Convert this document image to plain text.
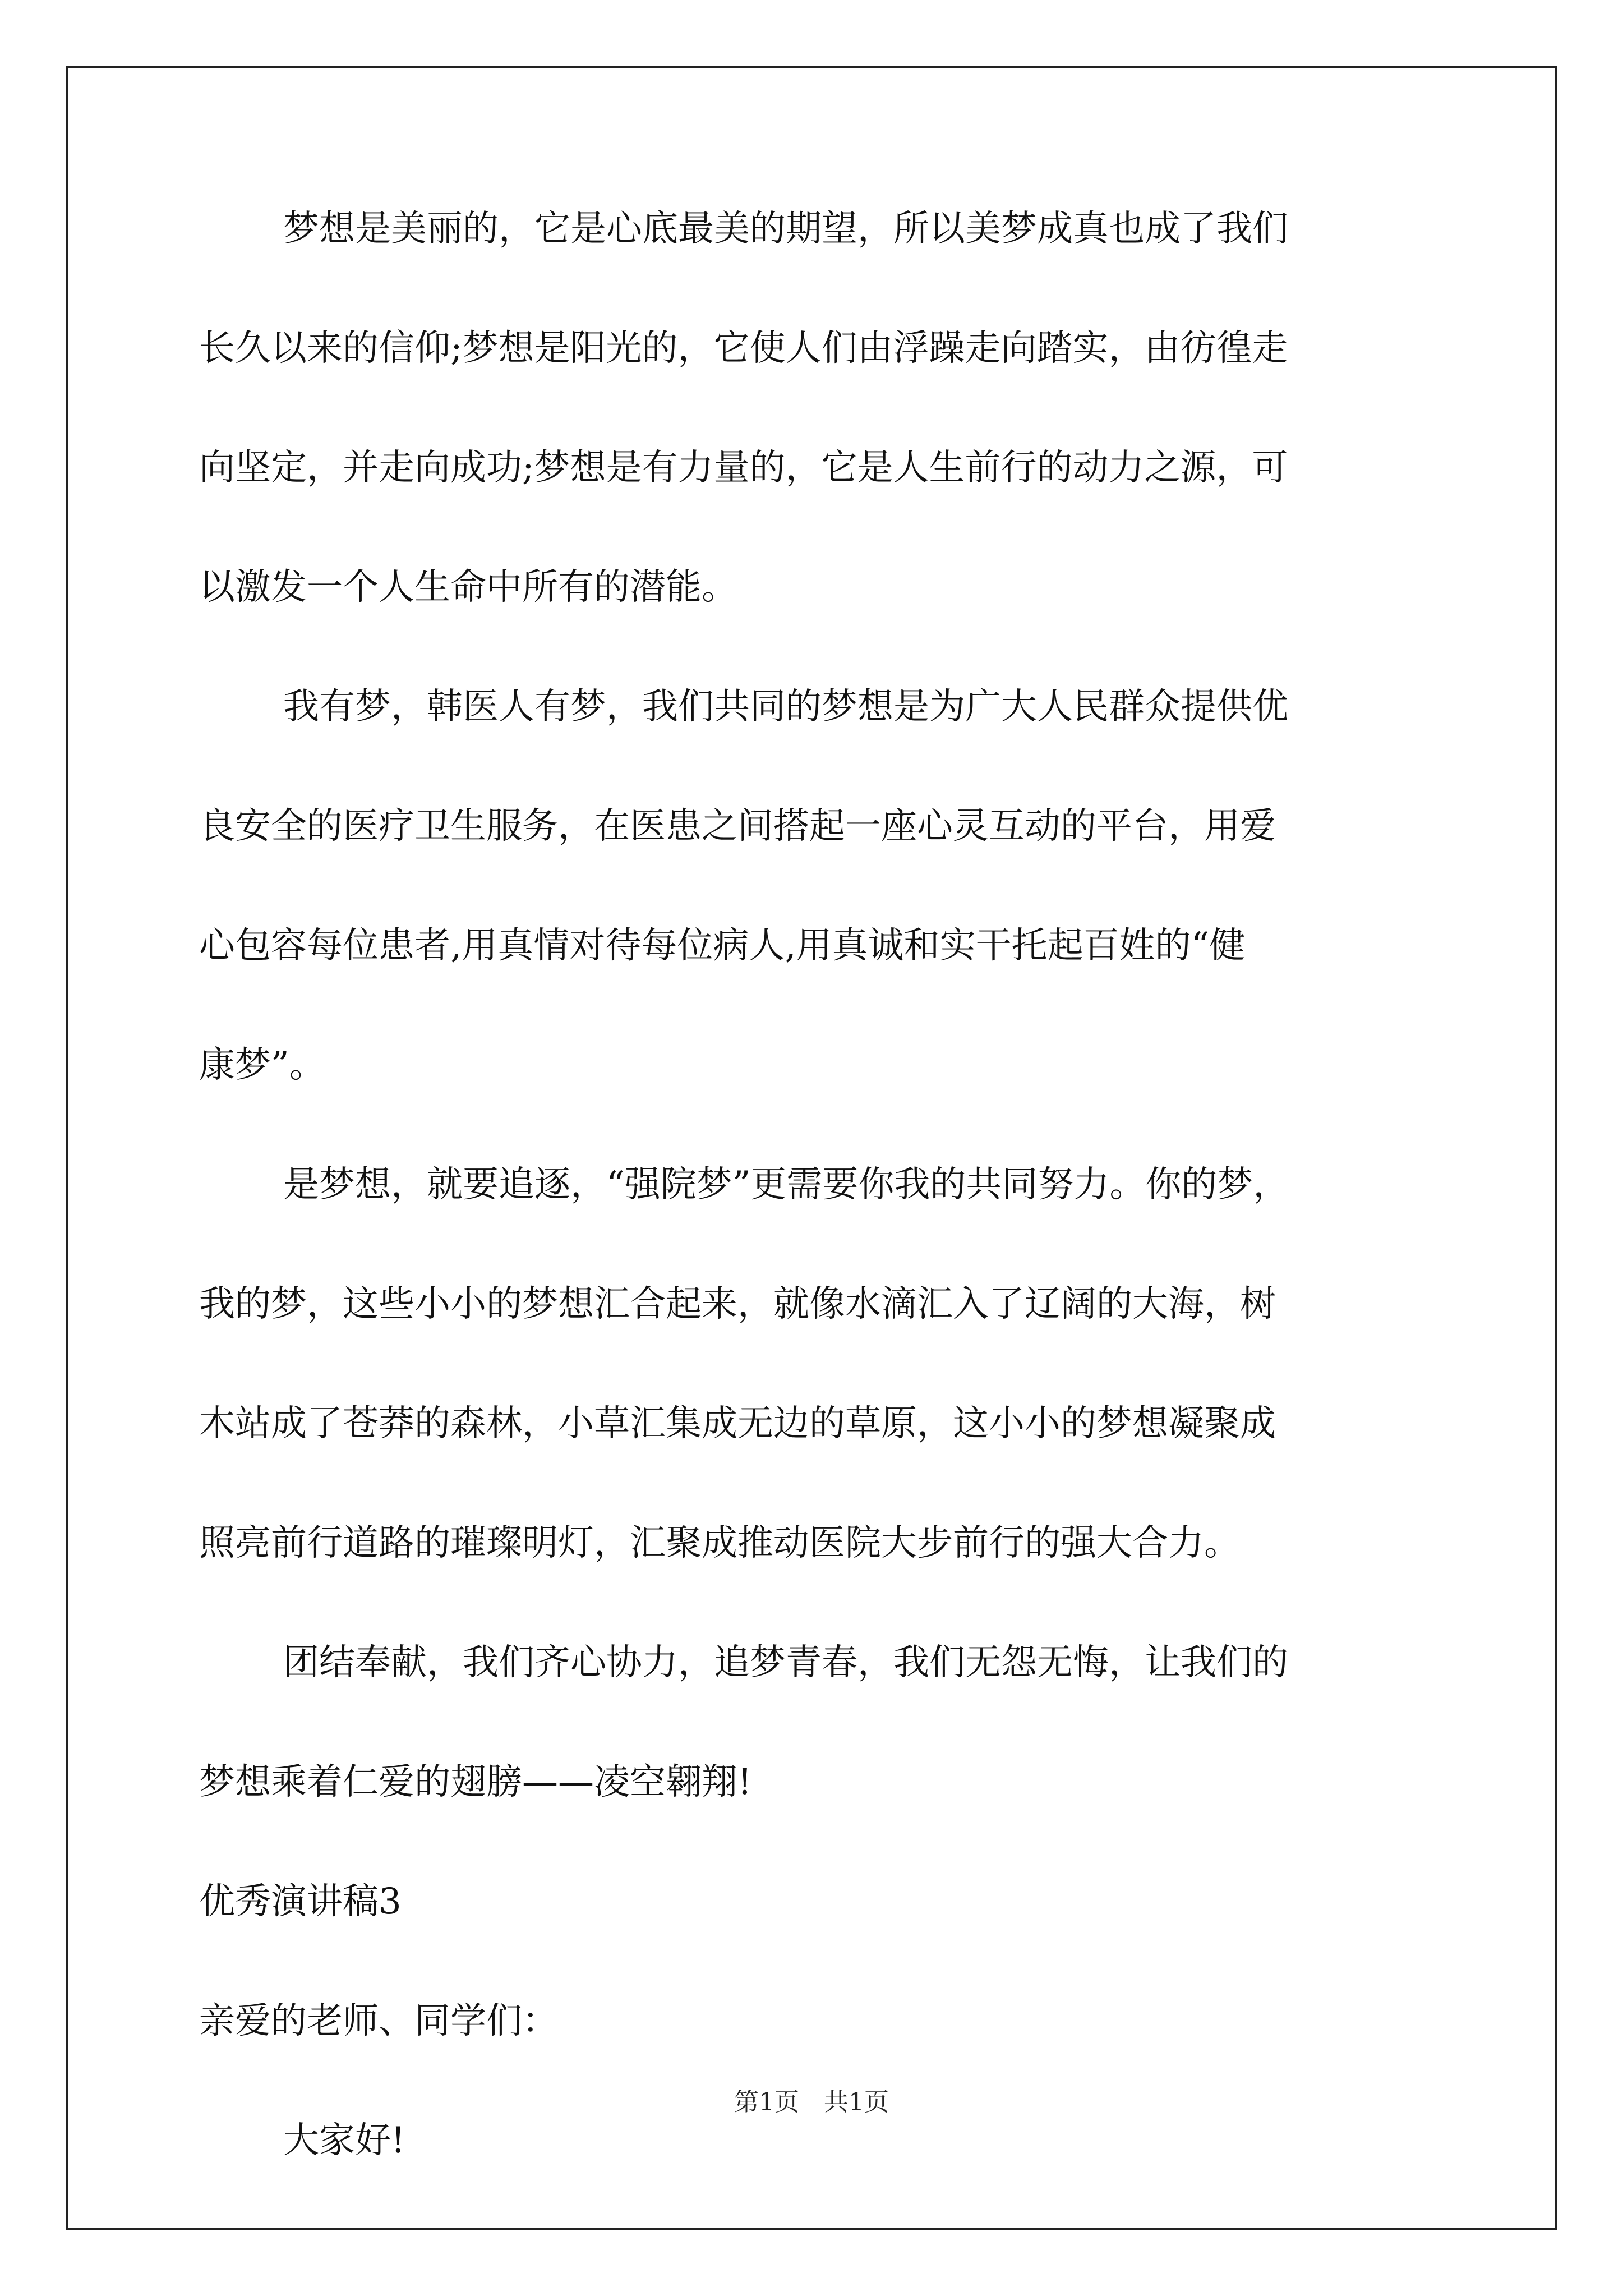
梦想是美丽的，它是心底最美的期望，所以美梦成真也成了我们
长久以来的信仰;梦想是阳光的，它使人们由浮躁走向踏实，由彷徨走
向坚定，并走向成功;梦想是有力量的，它是人生前行的动力之源，可
以激发一个人生命中所有的潜能。
我有梦，韩医人有梦，我们共同的梦想是为广大人民群众提供优
良安全的医疗卫生服务，在医患之间搭起一座心灵互动的平台，用爱
心包容每位患者,用真情对待每位病人,用真诚和实干托起百姓的“健
康梦”。
是梦想，就要追逐，“强院梦”更需要你我的共同努力。你的梦，
我的梦，这些小小的梦想汇合起来，就像水滴汇入了辽阔的大海，树
木站成了苍莽的森林，小草汇集成无边的草原，这小小的梦想凝聚成
照亮前行道路的璀璨明灯，汇聚成推动医院大步前行的强大合力。
团结奉献，我们齐心协力，追梦青春，我们无怨无悔，让我们的
梦想乘着仁爱的翅膀——凌空翱翔!
优秀演讲稿3
亲爱的老师、同学们：
大家好!
第1页　共1页
